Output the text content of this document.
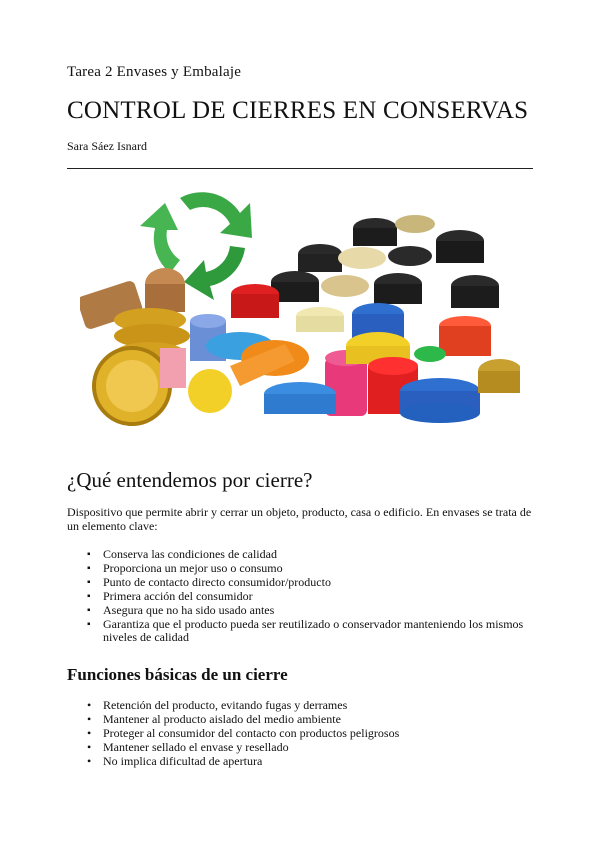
Tarea 2 Envases y Embalaje
CONTROL DE CIERRES EN CONSERVAS
Sara Sáez Isnard
¿Qué entendemos por cierre?
Dispositivo que permite abrir y cerrar un objeto, producto, casa o edificio. En envases se trata de un elemento clave:
▪ Conserva las condiciones de calidad
▪ Proporciona un mejor uso o consumo
▪ Punto de contacto directo consumidor/producto
▪ Primera acción del consumidor
▪ Asegura que no ha sido usado antes
▪ Garantiza que el producto pueda ser reutilizado o conservador manteniendo los mismos niveles de calidad
Funciones básicas de un cierre
• Retención del producto, evitando fugas y derrames
• Mantener al producto aislado del medio ambiente
• Proteger al consumidor del contacto con productos peligrosos
• Mantener sellado el envase y resellado
• No implica dificultad de apertura
